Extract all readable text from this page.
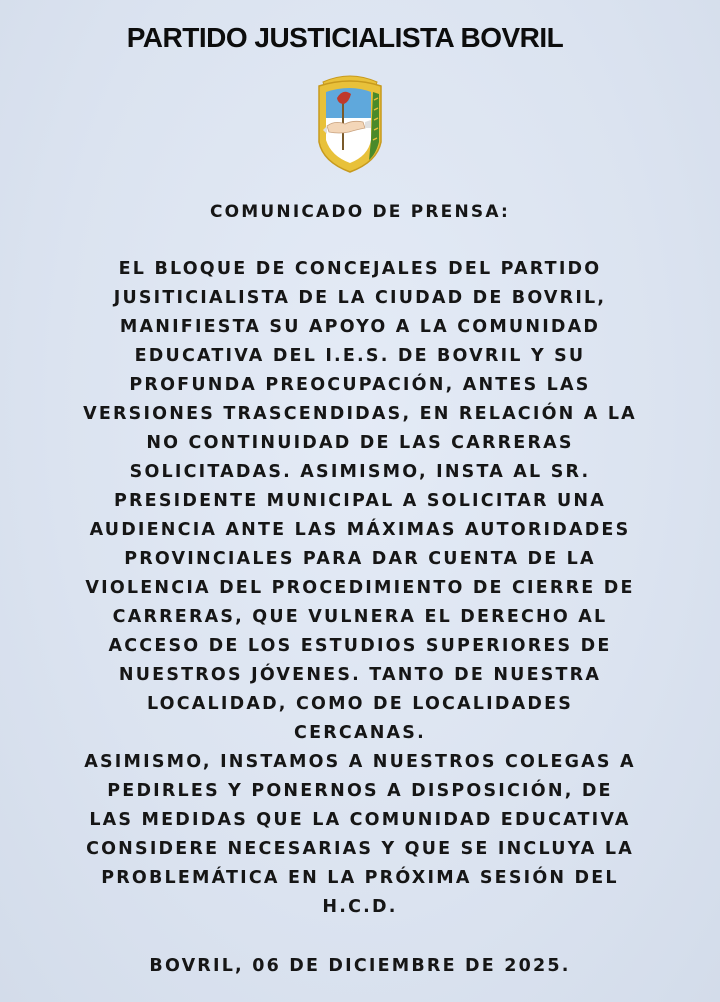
PARTIDO JUSTICIALISTA BOVRIL
COMUNICADO DE PRENSA:
EL BLOQUE DE CONCEJALES DEL PARTIDO
JUSITICIALISTA DE LA CIUDAD DE BOVRIL,
MANIFIESTA SU APOYO A LA COMUNIDAD
EDUCATIVA DEL I.E.S. DE BOVRIL Y SU
PROFUNDA PREOCUPACIÓN, ANTES LAS
VERSIONES TRASCENDIDAS, EN RELACIÓN A LA
NO CONTINUIDAD DE LAS CARRERAS
SOLICITADAS. ASIMISMO, INSTA AL SR.
PRESIDENTE MUNICIPAL A SOLICITAR UNA
AUDIENCIA ANTE LAS MÁXIMAS AUTORIDADES
PROVINCIALES PARA DAR CUENTA DE LA
VIOLENCIA DEL PROCEDIMIENTO DE CIERRE DE
CARRERAS, QUE VULNERA EL DERECHO AL
ACCESO DE LOS ESTUDIOS SUPERIORES DE
NUESTROS JÓVENES. TANTO DE NUESTRA
LOCALIDAD, COMO DE LOCALIDADES
CERCANAS.
ASIMISMO, INSTAMOS A NUESTROS COLEGAS A
PEDIRLES Y PONERNOS A DISPOSICIÓN, DE
LAS MEDIDAS QUE LA COMUNIDAD EDUCATIVA
CONSIDERE NECESARIAS Y QUE SE INCLUYA LA
PROBLEMÁTICA EN LA PRÓXIMA SESIÓN DEL
H.C.D.
BOVRIL, 06 DE DICIEMBRE DE 2025.
